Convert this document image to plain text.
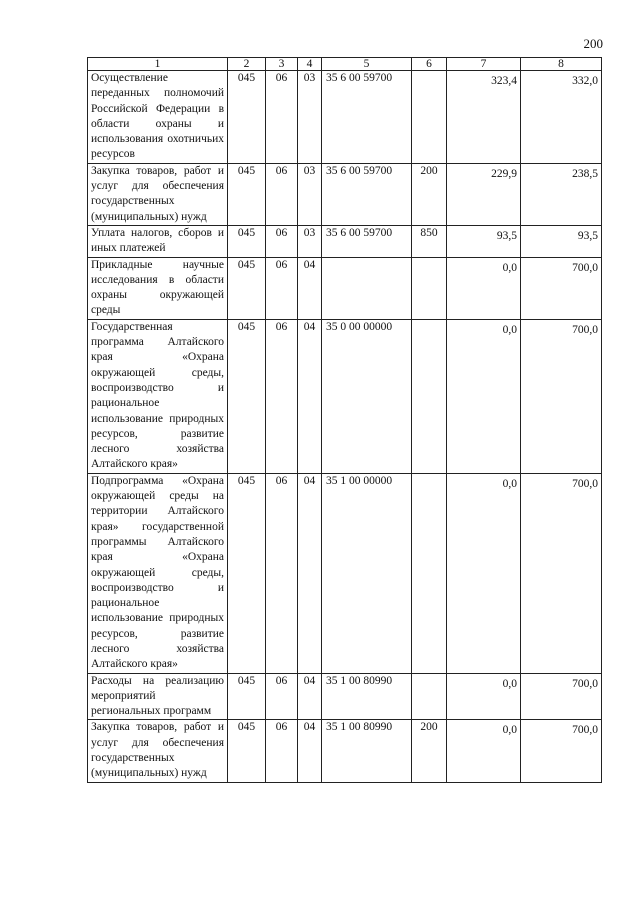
200
1	2	3	4	5	6	7	8
Осуществление переданных полномочий Российской Федерации в области охраны и использования охотничьих ресурсов	045	06	03	35 6 00 59700		323,4	332,0
Закупка товаров, работ и услуг для обеспечения государственных (муниципальных) нужд	045	06	03	35 6 00 59700	200	229,9	238,5
Уплата налогов, сборов и иных платежей	045	06	03	35 6 00 59700	850	93,5	93,5
Прикладные научные исследования в области охраны окружающей среды	045	06	04			0,0	700,0
Государственная программа Алтайского края «Охрана окружающей среды, воспроизводство и рациональное использование природных ресурсов, развитие лесного хозяйства Алтайского края»	045	06	04	35 0 00 00000		0,0	700,0
Подпрограмма «Охрана окружающей среды на территории Алтайского края» государственной программы Алтайского края «Охрана окружающей среды, воспроизводство и рациональное использование природных ресурсов, развитие лесного хозяйства Алтайского края»	045	06	04	35 1 00 00000		0,0	700,0
Расходы на реализацию мероприятий региональных программ	045	06	04	35 1 00 80990		0,0	700,0
Закупка товаров, работ и услуг для обеспечения государственных (муниципальных) нужд	045	06	04	35 1 00 80990	200	0,0	700,0
